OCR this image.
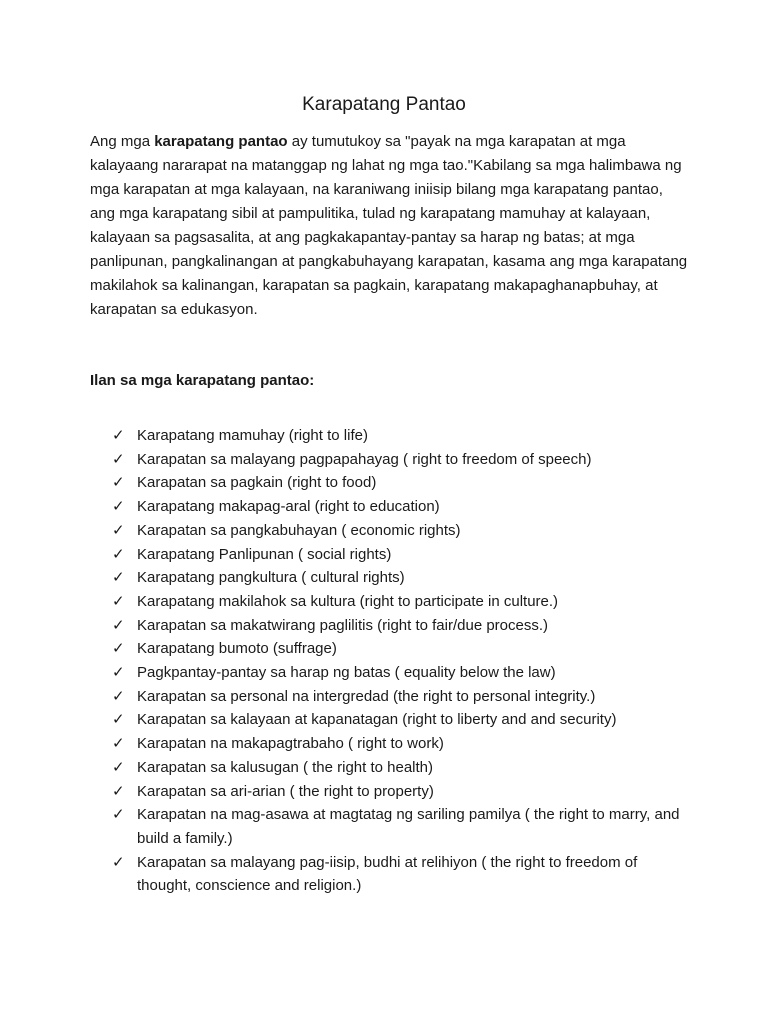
Karapatang Pantao

Ang mga karapatang pantao ay tumutukoy sa "payak na mga karapatan at mga kalayaang nararapat na matanggap ng lahat ng mga tao."Kabilang sa mga halimbawa ng mga karapatan at mga kalayaan, na karaniwang iniisip bilang mga karapatang pantao, ang mga karapatang sibil at pampulitika, tulad ng karapatang mamuhay at kalayaan, kalayaan sa pagsasalita, at ang pagkakapantay-pantay sa harap ng batas; at mga panlipunan, pangkalinangan at pangkabuhayang karapatan, kasama ang mga karapatang makilahok sa kalinangan, karapatan sa pagkain, karapatang makapaghanapbuhay, at karapatan sa edukasyon.

Ilan sa mga karapatang pantao:

✓ Karapatang mamuhay (right to life)
✓ Karapatan sa malayang pagpapahayag ( right to freedom of speech)
✓ Karapatan sa pagkain (right to food)
✓ Karapatang makapag-aral (right to education)
✓ Karapatan sa pangkabuhayan ( economic rights)
✓ Karapatang Panlipunan ( social rights)
✓ Karapatang pangkultura ( cultural rights)
✓ Karapatang makilahok sa kultura (right to participate in culture.)
✓ Karapatan sa makatwirang paglilitis (right to fair/due process.)
✓ Karapatang bumoto (suffrage)
✓ Pagkpantay-pantay sa harap ng batas ( equality below the law)
✓ Karapatan sa personal na intergredad (the right to personal integrity.)
✓ Karapatan sa kalayaan at kapanatagan (right to liberty and and security)
✓ Karapatan na makapagtrabaho ( right to work)
✓ Karapatan sa kalusugan ( the right to health)
✓ Karapatan sa ari-arian ( the right to property)
✓ Karapatan na mag-asawa at magtatag ng sariling pamilya ( the right to marry, and build a family.)
✓ Karapatan sa malayang pag-iisip, budhi at relihiyon ( the right to freedom of thought, conscience and religion.)
